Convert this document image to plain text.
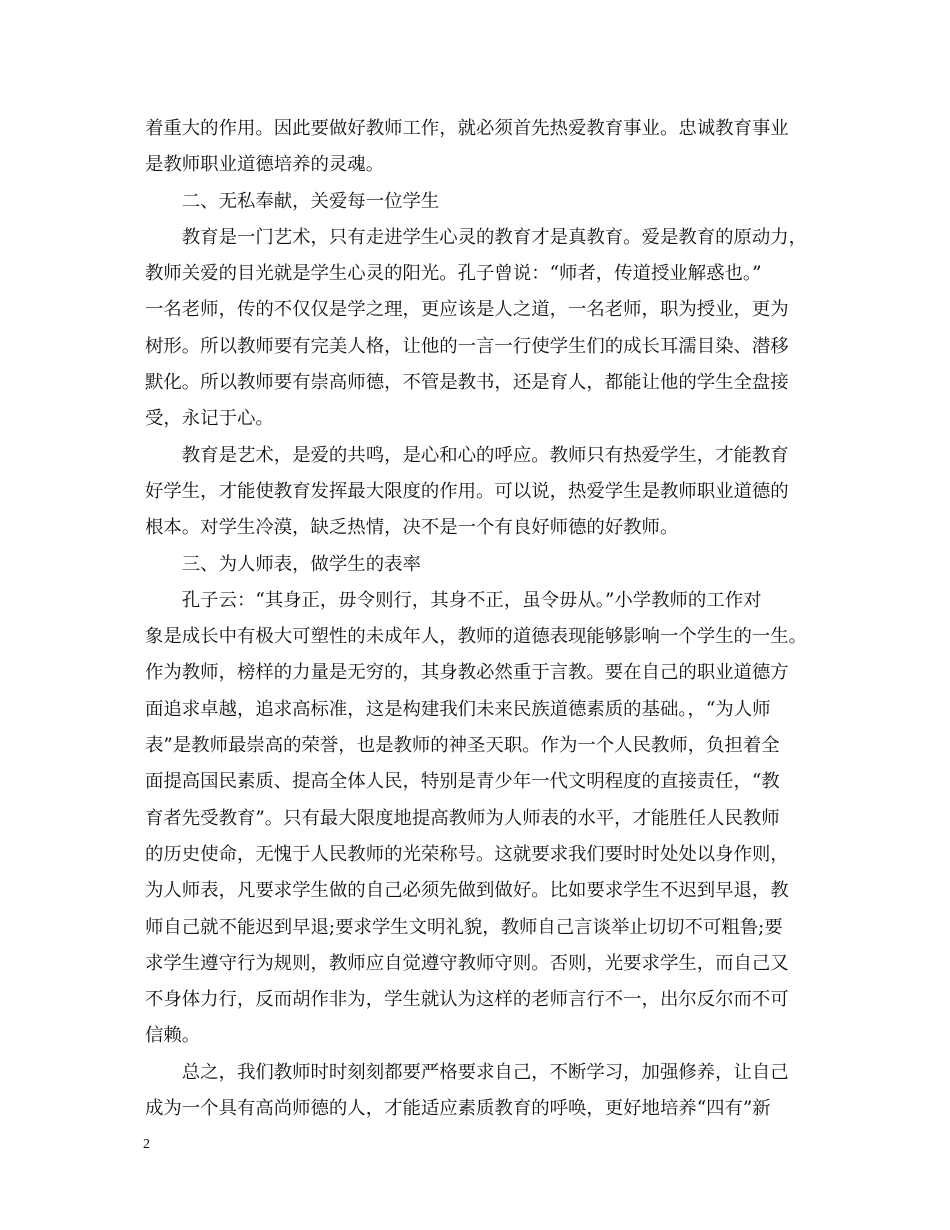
着重大的作用。因此要做好教师工作，就必须首先热爱教育事业。忠诚教育事业
是教师职业道德培养的灵魂。
　　二、无私奉献，关爱每一位学生
　　教育是一门艺术，只有走进学生心灵的教育才是真教育。爱是教育的原动力，
教师关爱的目光就是学生心灵的阳光。孔子曾说：“师者，传道授业解惑也。”
一名老师，传的不仅仅是学之理，更应该是人之道，一名老师，职为授业，更为
树形。所以教师要有完美人格，让他的一言一行使学生们的成长耳濡目染、潜移
默化。所以教师要有崇高师德，不管是教书，还是育人，都能让他的学生全盘接
受，永记于心。
　　教育是艺术，是爱的共鸣，是心和心的呼应。教师只有热爱学生，才能教育
好学生，才能使教育发挥最大限度的作用。可以说，热爱学生是教师职业道德的
根本。对学生冷漠，缺乏热情，决不是一个有良好师德的好教师。
　　三、为人师表，做学生的表率
　　孔子云：“其身正，毋令则行，其身不正，虽令毋从。”小学教师的工作对
象是成长中有极大可塑性的未成年人，教师的道德表现能够影响一个学生的一生。
作为教师，榜样的力量是无穷的，其身教必然重于言教。要在自己的职业道德方
面追求卓越，追求高标准，这是构建我们未来民族道德素质的基础。，“为人师
表”是教师最崇高的荣誉，也是教师的神圣天职。作为一个人民教师，负担着全
面提高国民素质、提高全体人民，特别是青少年一代文明程度的直接责任，“教
育者先受教育”。只有最大限度地提高教师为人师表的水平，才能胜任人民教师
的历史使命，无愧于人民教师的光荣称号。这就要求我们要时时处处以身作则，
为人师表，凡要求学生做的自己必须先做到做好。比如要求学生不迟到早退，教
师自己就不能迟到早退;要求学生文明礼貌，教师自己言谈举止切切不可粗鲁;要
求学生遵守行为规则，教师应自觉遵守教师守则。否则，光要求学生，而自己又
不身体力行，反而胡作非为，学生就认为这样的老师言行不一，出尔反尔而不可
信赖。
　　总之，我们教师时时刻刻都要严格要求自己，不断学习，加强修养，让自己
成为一个具有高尚师德的人，才能适应素质教育的呼唤，更好地培养“四有”新
2
